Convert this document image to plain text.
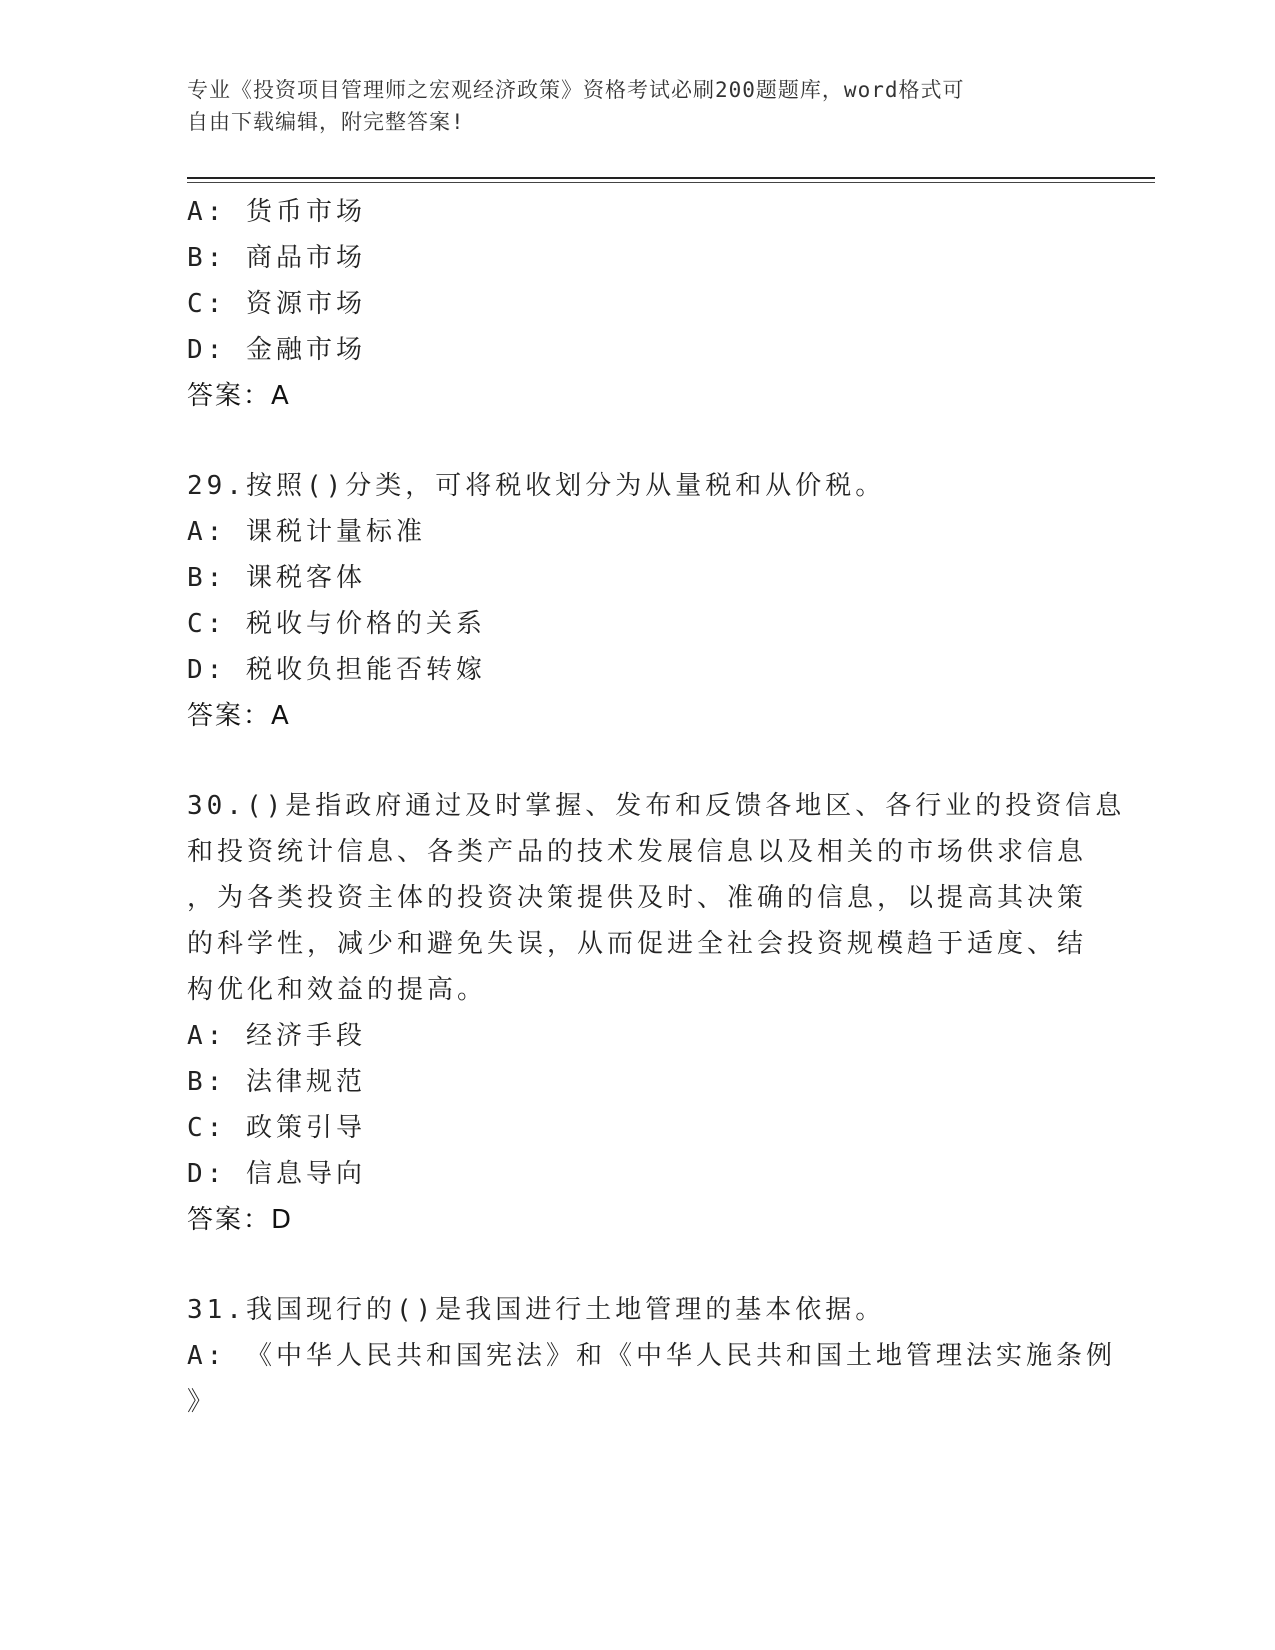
专业《投资项目管理师之宏观经济政策》资格考试必刷200题题库，word格式可
自由下载编辑，附完整答案!
A: 货币市场
B: 商品市场
C: 资源市场
D: 金融市场
答案：A
29.按照()分类，可将税收划分为从量税和从价税。
A: 课税计量标准
B: 课税客体
C: 税收与价格的关系
D: 税收负担能否转嫁
答案：A
30.()是指政府通过及时掌握、发布和反馈各地区、各行业的投资信息
和投资统计信息、各类产品的技术发展信息以及相关的市场供求信息
，为各类投资主体的投资决策提供及时、准确的信息，以提高其决策
的科学性，减少和避免失误，从而促进全社会投资规模趋于适度、结
构优化和效益的提高。
A: 经济手段
B: 法律规范
C: 政策引导
D: 信息导向
答案：D
31.我国现行的()是我国进行土地管理的基本依据。
A: 《中华人民共和国宪法》和《中华人民共和国土地管理法实施条例
》
